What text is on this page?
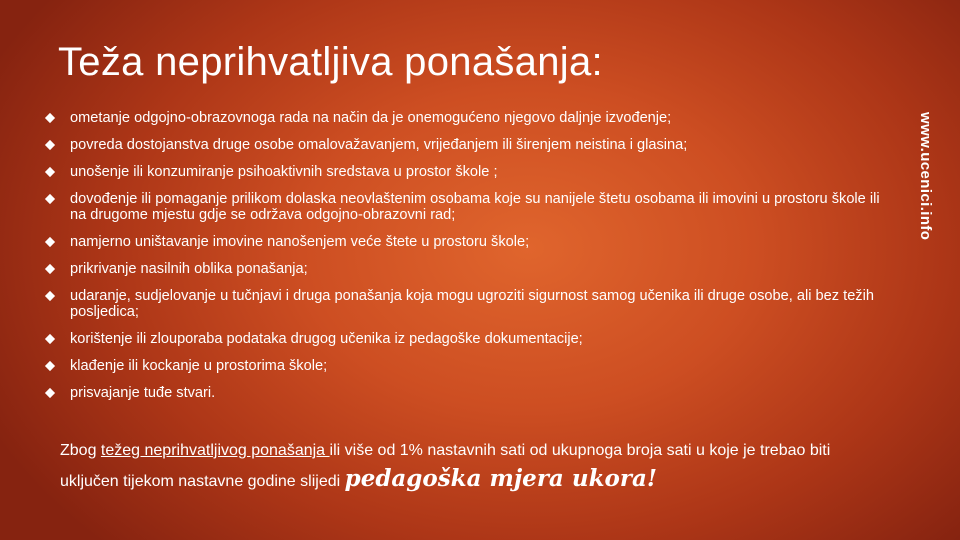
Teža neprihvatljiva ponašanja:
www.ucenici.info
ometanje odgojno-obrazovnoga rada na način da je onemogućeno njegovo daljnje izvođenje;
povreda dostojanstva druge osobe omalovažavanjem, vrijeđanjem ili širenjem neistina i glasina;
unošenje ili konzumiranje psihoaktivnih sredstava u prostor škole ;
dovođenje ili pomaganje prilikom dolaska neovlaštenim osobama koje su nanijele štetu osobama ili imovini u prostoru škole ili na drugome mjestu gdje se održava odgojno-obrazovni rad;
namjerno uništavanje imovine nanošenjem veće štete u prostoru škole;
prikrivanje nasilnih oblika ponašanja;
udaranje, sudjelovanje u tučnjavi i druga ponašanja koja mogu ugroziti sigurnost samog učenika ili druge osobe, ali bez težih posljedica;
korištenje ili zlouporaba podataka drugog učenika iz pedagoške dokumentacije;
klađenje ili kockanje u prostorima škole;
prisvajanje tuđe stvari.

Zbog težeg neprihvatljivog ponašanja ili više od 1% nastavnih sati od ukupnoga broja sati u koje je trebao biti uključen tijekom nastavne godine slijedi pedagoška mjera ukora!
